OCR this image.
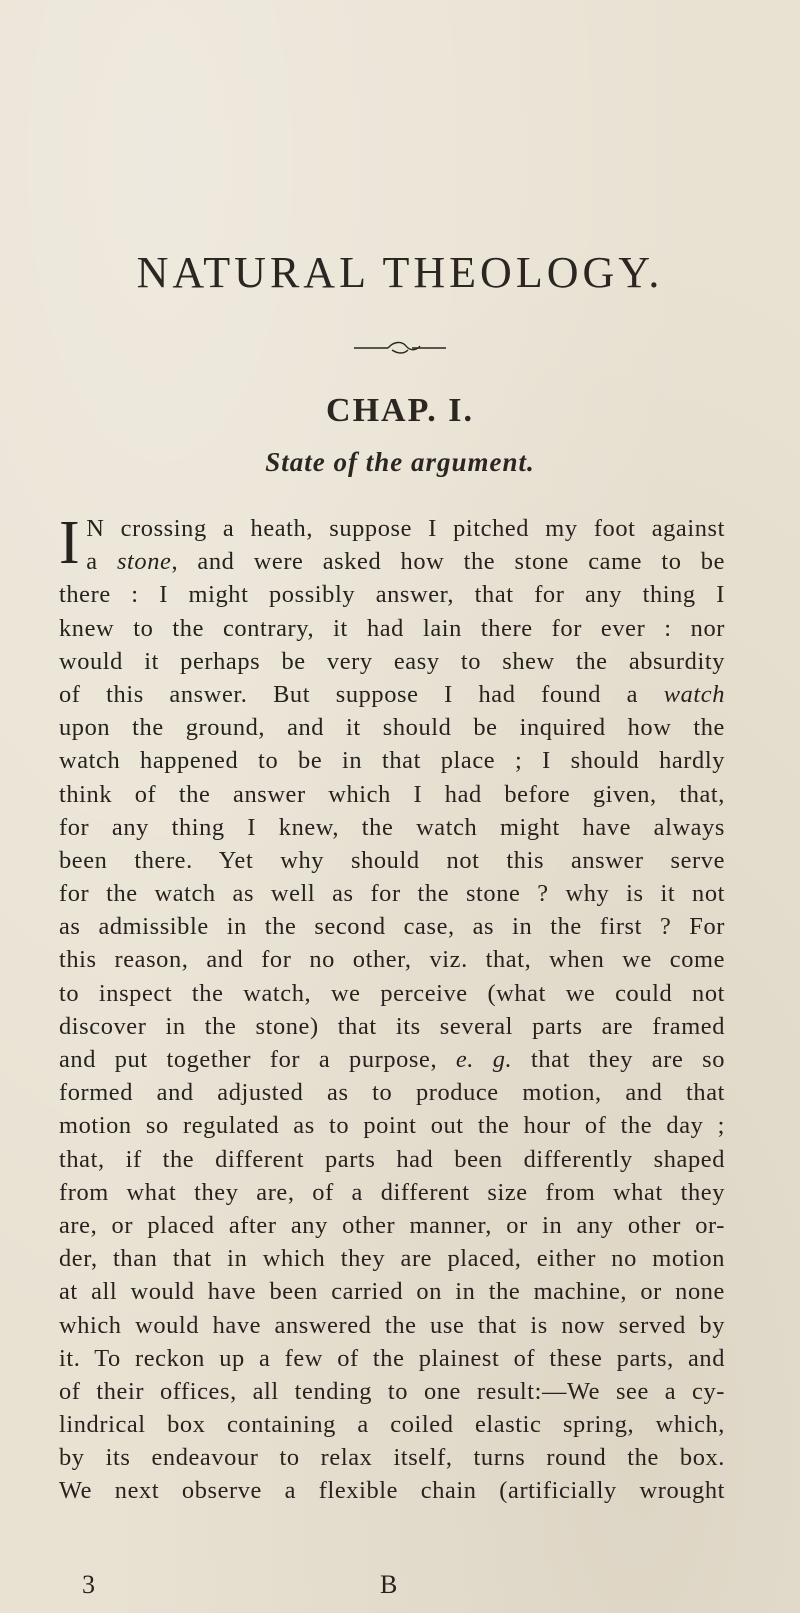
NATURAL THEOLOGY.
CHAP. I.
State of the argument.
I N crossing a heath, suppose I pitched my foot against
a stone, and were asked how the stone came to be
there : I might possibly answer, that for any thing I
knew to the contrary, it had lain there for ever : nor
would it perhaps be very easy to shew the absurdity
of this answer. But suppose I had found a watch
upon the ground, and it should be inquired how the
watch happened to be in that place ; I should hardly
think of the answer which I had before given, that,
for any thing I knew, the watch might have always
been there. Yet why should not this answer serve
for the watch as well as for the stone ? why is it not
as admissible in the second case, as in the first ? For
this reason, and for no other, viz. that, when we come
to inspect the watch, we perceive (what we could not
discover in the stone) that its several parts are framed
and put together for a purpose, e. g. that they are so
formed and adjusted as to produce motion, and that
motion so regulated as to point out the hour of the day ;
that, if the different parts had been differently shaped
from what they are, of a different size from what they
are, or placed after any other manner, or in any other or-
der, than that in which they are placed, either no motion
at all would have been carried on in the machine, or none
which would have answered the use that is now served by
it. To reckon up a few of the plainest of these parts, and
of their offices, all tending to one result:—We see a cy-
lindrical box containing a coiled elastic spring, which,
by its endeavour to relax itself, turns round the box.
We next observe a flexible chain (artificially wrought
3	B
